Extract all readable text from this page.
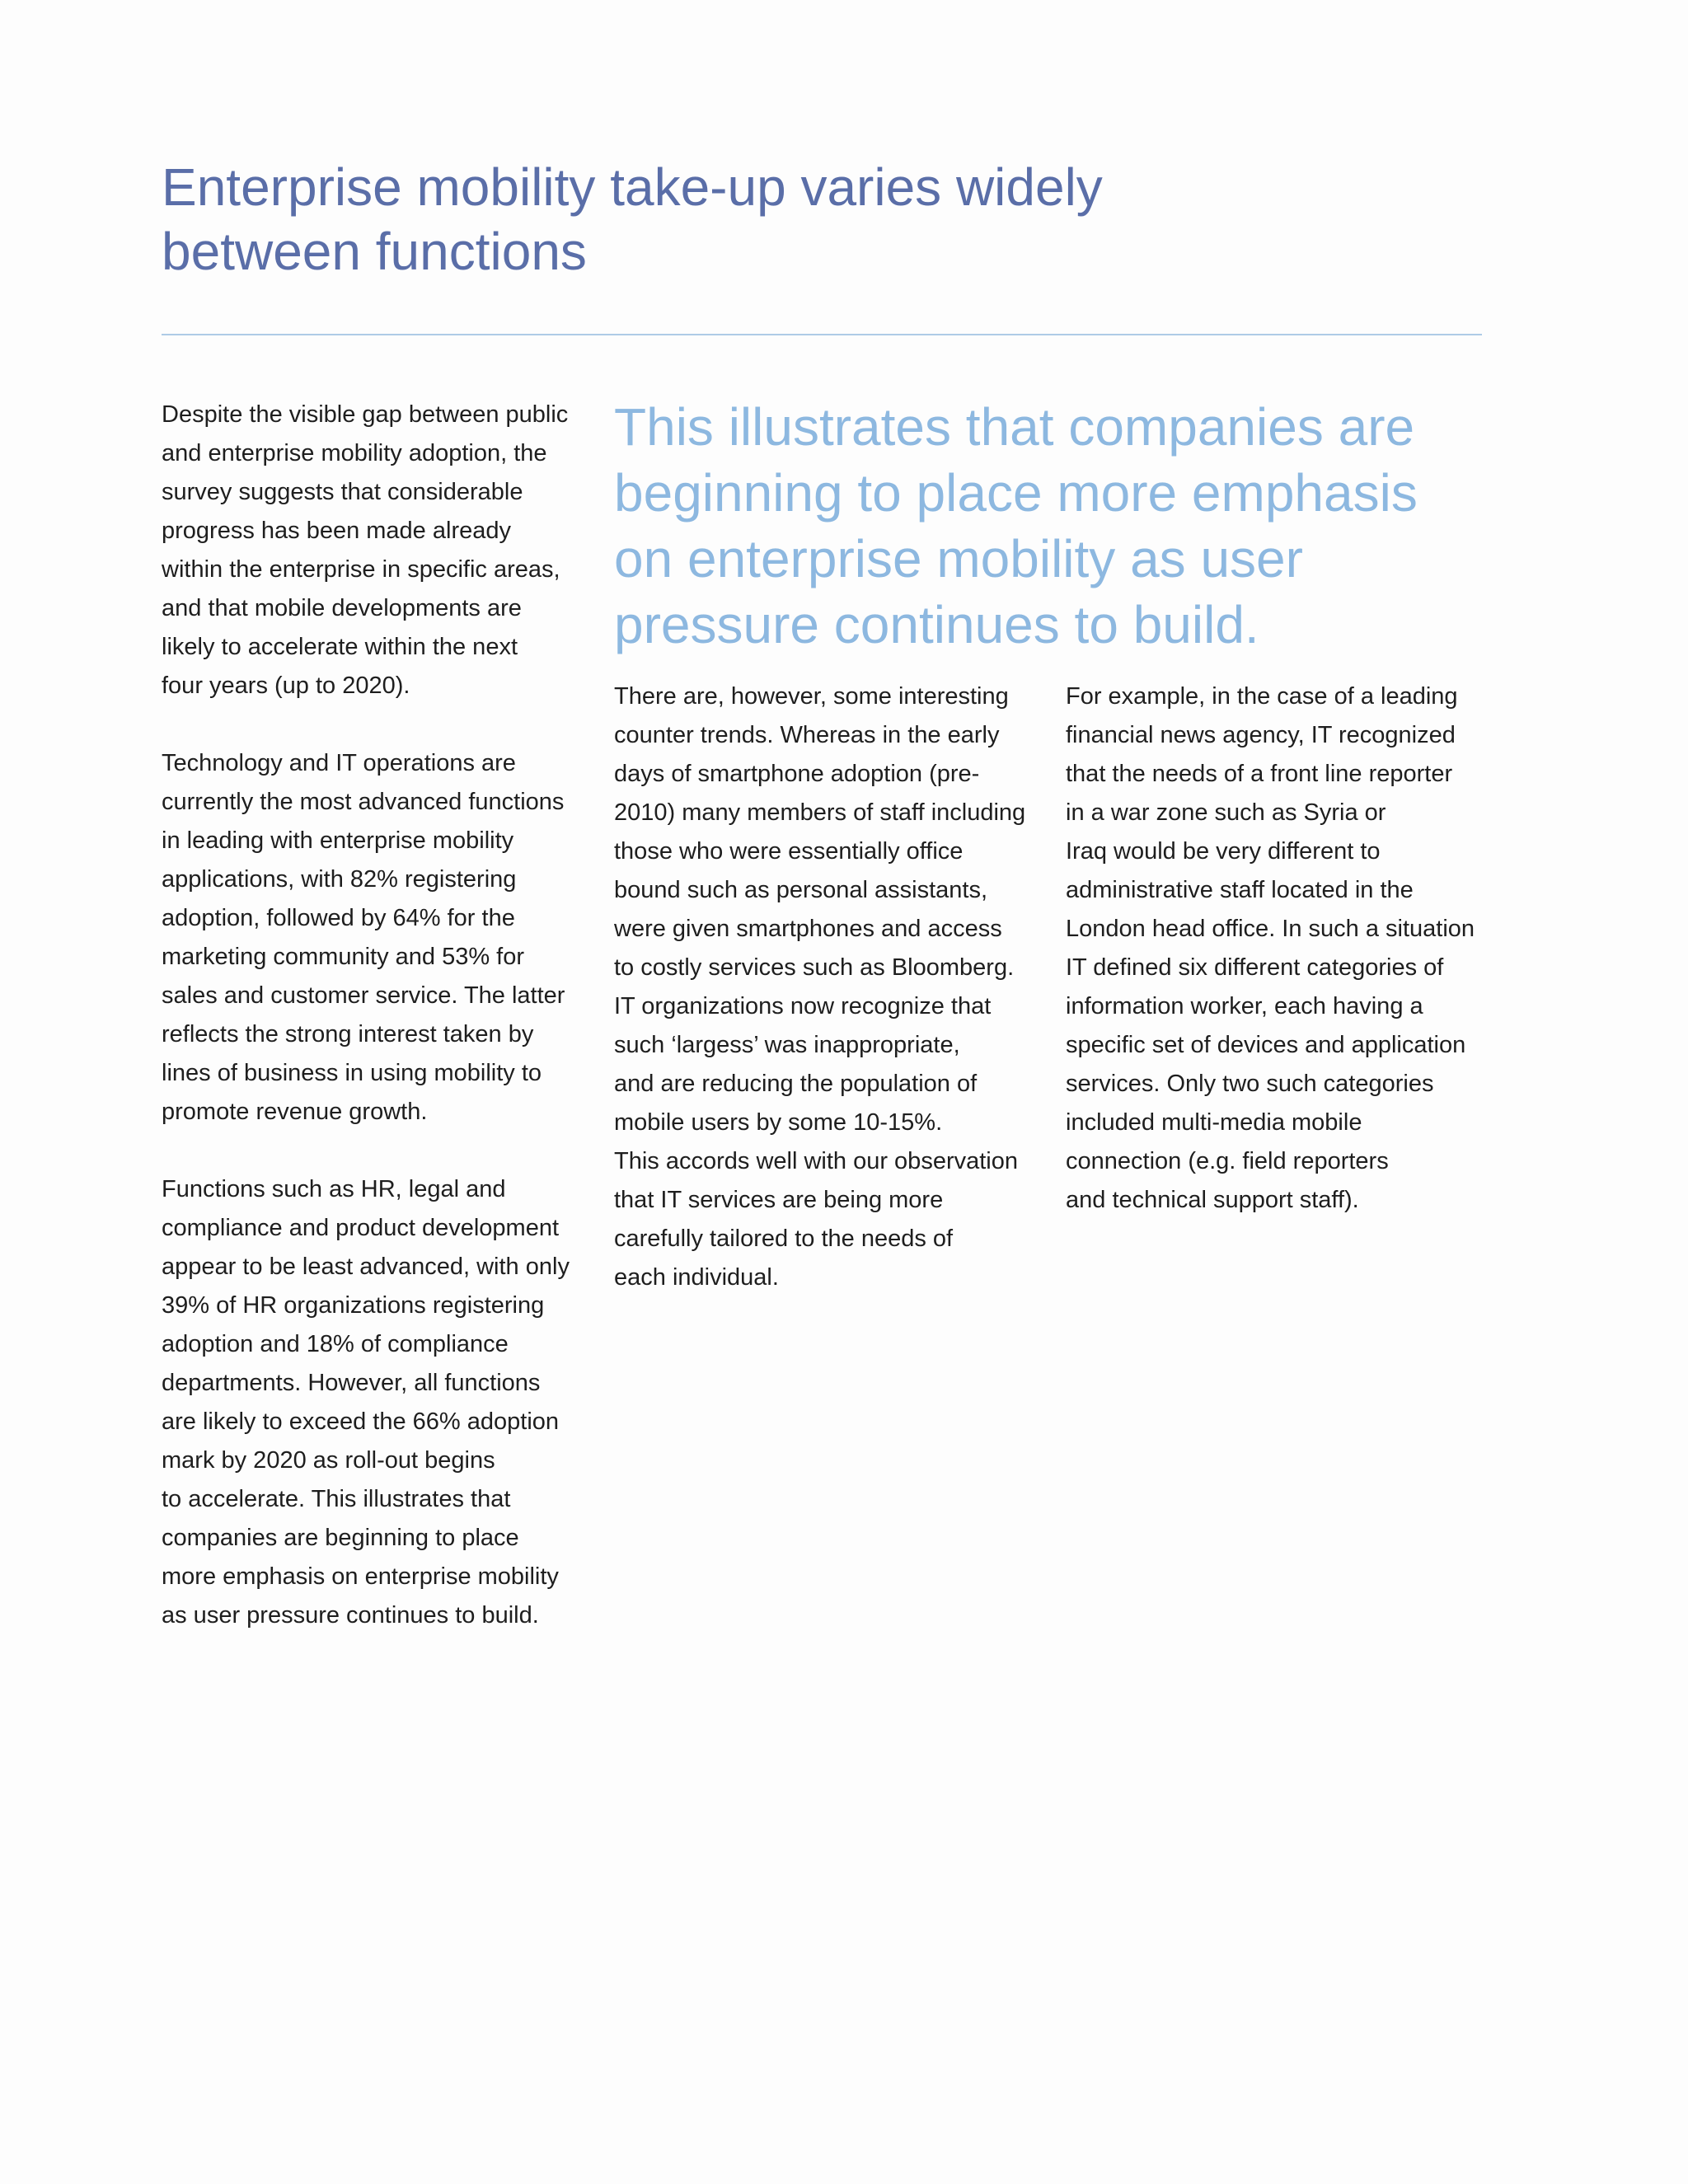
Enterprise mobility take-up varies widely
between functions

Despite the visible gap between public
and enterprise mobility adoption, the
survey suggests that considerable
progress has been made already
within the enterprise in specific areas,
and that mobile developments are
likely to accelerate within the next
four years (up to 2020).

Technology and IT operations are
currently the most advanced functions
in leading with enterprise mobility
applications, with 82% registering
adoption, followed by 64% for the
marketing community and 53% for
sales and customer service. The latter
reflects the strong interest taken by
lines of business in using mobility to
promote revenue growth.

Functions such as HR, legal and
compliance and product development
appear to be least advanced, with only
39% of HR organizations registering
adoption and 18% of compliance
departments. However, all functions
are likely to exceed the 66% adoption
mark by 2020 as roll-out begins
to accelerate. This illustrates that
companies are beginning to place
more emphasis on enterprise mobility
as user pressure continues to build.

This illustrates that companies are
beginning to place more emphasis
on enterprise mobility as user
pressure continues to build.

There are, however, some interesting
counter trends. Whereas in the early
days of smartphone adoption (pre-
2010) many members of staff including
those who were essentially office
bound such as personal assistants,
were given smartphones and access
to costly services such as Bloomberg.
IT organizations now recognize that
such ‘largess’ was inappropriate,
and are reducing the population of
mobile users by some 10-15%.
This accords well with our observation
that IT services are being more
carefully tailored to the needs of
each individual.

For example, in the case of a leading
financial news agency, IT recognized
that the needs of a front line reporter
in a war zone such as Syria or
Iraq would be very different to
administrative staff located in the
London head office. In such a situation
IT defined six different categories of
information worker, each having a
specific set of devices and application
services. Only two such categories
included multi-media mobile
connection (e.g. field reporters
and technical support staff).
